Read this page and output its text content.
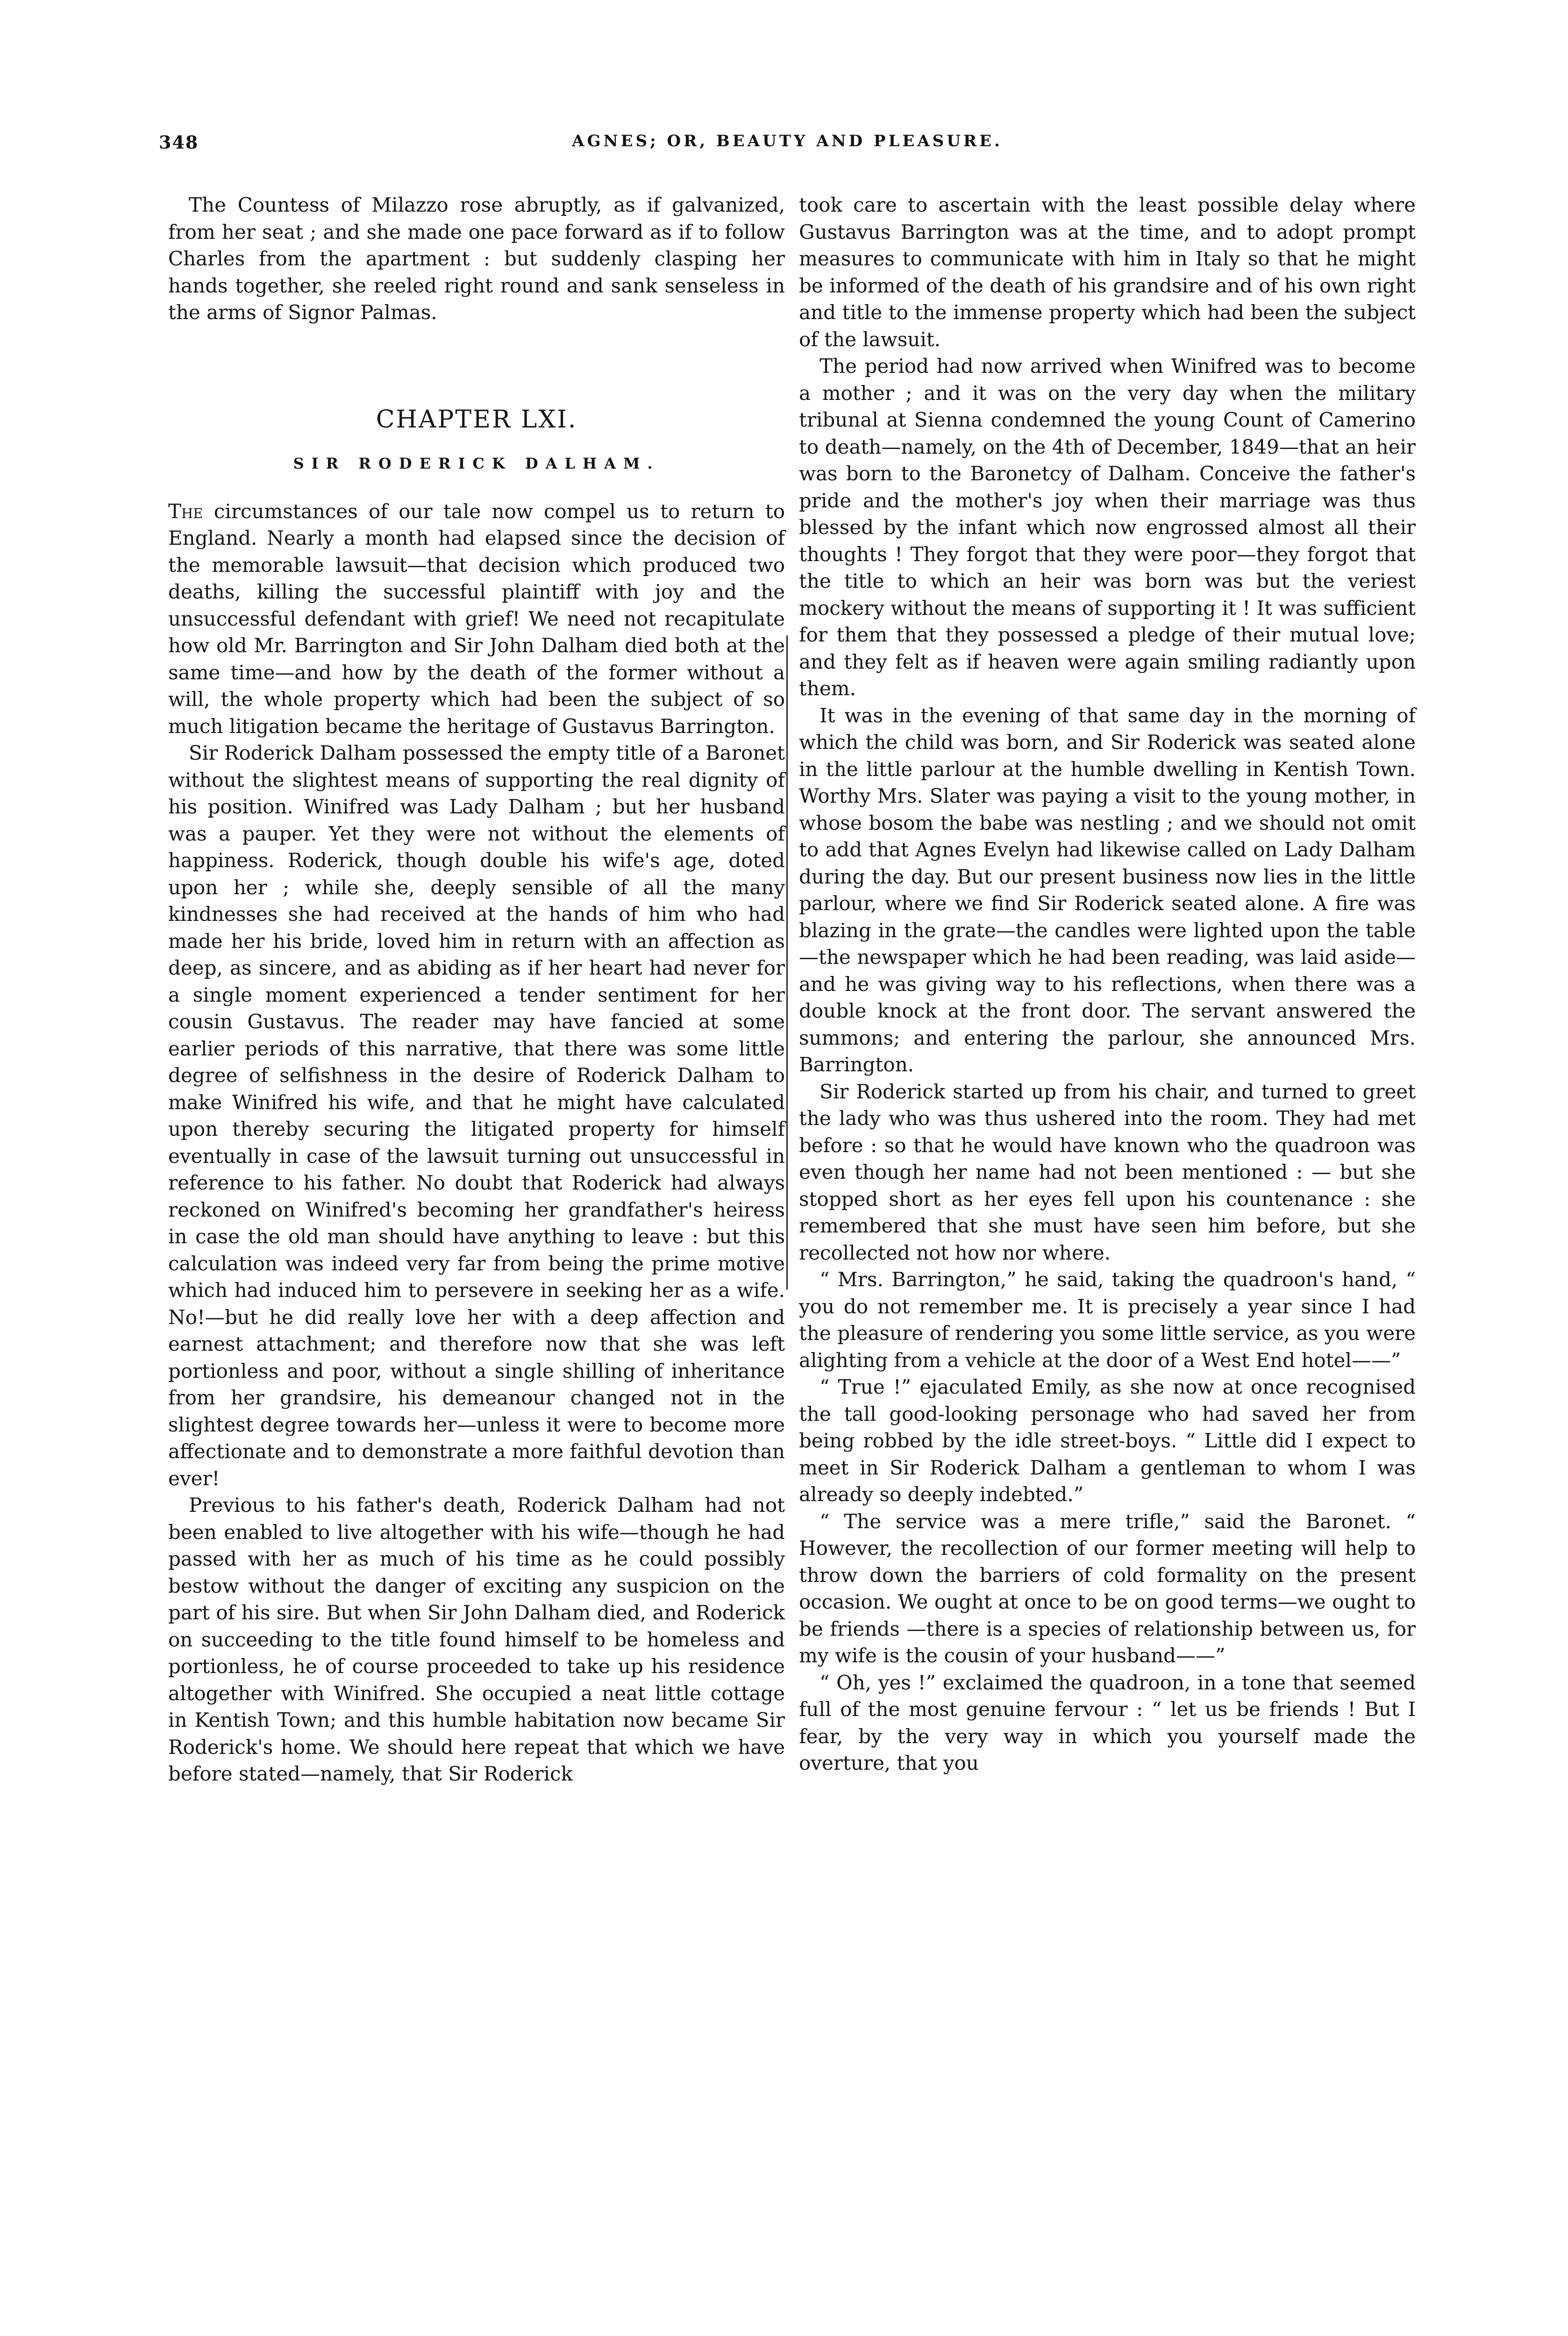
348	AGNES; OR, BEAUTY AND PLEASURE.

The Countess of Milazzo rose abruptly, as if galvanized, from her seat ; and she made one pace forward as if to follow Charles from the apartment : but suddenly clasping her hands together, she reeled right round and sank senseless in the arms of Signor Palmas.

CHAPTER LXI.
SIR RODERICK DALHAM.

The circumstances of our tale now compel us to return to England. Nearly a month had elapsed since the decision of the memorable lawsuit—that decision which produced two deaths, killing the successful plaintiff with joy and the unsuccessful defendant with grief! We need not recapitulate how old Mr. Barrington and Sir John Dalham died both at the same time—and how by the death of the former without a will, the whole property which had been the subject of so much litigation became the heritage of Gustavus Barrington.

Sir Roderick Dalham possessed the empty title of a Baronet without the slightest means of supporting the real dignity of his position. Winifred was Lady Dalham ; but her husband was a pauper. Yet they were not without the elements of happiness. Roderick, though double his wife's age, doted upon her ; while she, deeply sensible of all the many kindnesses she had received at the hands of him who had made her his bride, loved him in return with an affection as deep, as sincere, and as abiding as if her heart had never for a single moment experienced a tender sentiment for her cousin Gustavus. The reader may have fancied at some earlier periods of this narrative, that there was some little degree of selfishness in the desire of Roderick Dalham to make Winifred his wife, and that he might have calculated upon thereby securing the litigated property for himself eventually in case of the lawsuit turning out unsuccessful in reference to his father. No doubt that Roderick had always reckoned on Winifred's becoming her grandfather's heiress in case the old man should have anything to leave : but this calculation was indeed very far from being the prime motive which had induced him to persevere in seeking her as a wife. No!—but he did really love her with a deep affection and earnest attachment; and therefore now that she was left portionless and poor, without a single shilling of inheritance from her grandsire, his demeanour changed not in the slightest degree towards her—unless it were to become more affectionate and to demonstrate a more faithful devotion than ever!

Previous to his father's death, Roderick Dalham had not been enabled to live altogether with his wife—though he had passed with her as much of his time as he could possibly bestow without the danger of exciting any suspicion on the part of his sire. But when Sir John Dalham died, and Roderick on succeeding to the title found himself to be homeless and portionless, he of course proceeded to take up his residence altogether with Winifred. She occupied a neat little cottage in Kentish Town; and this humble habitation now became Sir Roderick's home. We should here repeat that which we have before stated—namely, that Sir Roderick

took care to ascertain with the least possible delay where Gustavus Barrington was at the time, and to adopt prompt measures to communicate with him in Italy so that he might be informed of the death of his grandsire and of his own right and title to the immense property which had been the subject of the lawsuit.

The period had now arrived when Winifred was to become a mother ; and it was on the very day when the military tribunal at Sienna condemned the young Count of Camerino to death—namely, on the 4th of December, 1849—that an heir was born to the Baronetcy of Dalham. Conceive the father's pride and the mother's joy when their marriage was thus blessed by the infant which now engrossed almost all their thoughts ! They forgot that they were poor—they forgot that the title to which an heir was born was but the veriest mockery without the means of supporting it ! It was sufficient for them that they possessed a pledge of their mutual love; and they felt as if heaven were again smiling radiantly upon them.

It was in the evening of that same day in the morning of which the child was born, and Sir Roderick was seated alone in the little parlour at the humble dwelling in Kentish Town. Worthy Mrs. Slater was paying a visit to the young mother, in whose bosom the babe was nestling ; and we should not omit to add that Agnes Evelyn had likewise called on Lady Dalham during the day. But our present business now lies in the little parlour, where we find Sir Roderick seated alone. A fire was blazing in the grate—the candles were lighted upon the table—the newspaper which he had been reading, was laid aside—and he was giving way to his reflections, when there was a double knock at the front door. The servant answered the summons; and entering the parlour, she announced Mrs. Barrington.

Sir Roderick started up from his chair, and turned to greet the lady who was thus ushered into the room. They had met before : so that he would have known who the quadroon was even though her name had not been mentioned : — but she stopped short as her eyes fell upon his countenance : she remembered that she must have seen him before, but she recollected not how nor where.

“ Mrs. Barrington,” he said, taking the quadroon's hand, “ you do not remember me. It is precisely a year since I had the pleasure of rendering you some little service, as you were alighting from a vehicle at the door of a West End hotel——”

“ True !” ejaculated Emily, as she now at once recognised the tall good-looking personage who had saved her from being robbed by the idle street-boys. “ Little did I expect to meet in Sir Roderick Dalham a gentleman to whom I was already so deeply indebted.”

“ The service was a mere trifle,” said the Baronet. “ However, the recollection of our former meeting will help to throw down the barriers of cold formality on the present occasion. We ought at once to be on good terms—we ought to be friends —there is a species of relationship between us, for my wife is the cousin of your husband——”

“ Oh, yes !” exclaimed the quadroon, in a tone that seemed full of the most genuine fervour : “ let us be friends ! But I fear, by the very way in which you yourself made the overture, that you
